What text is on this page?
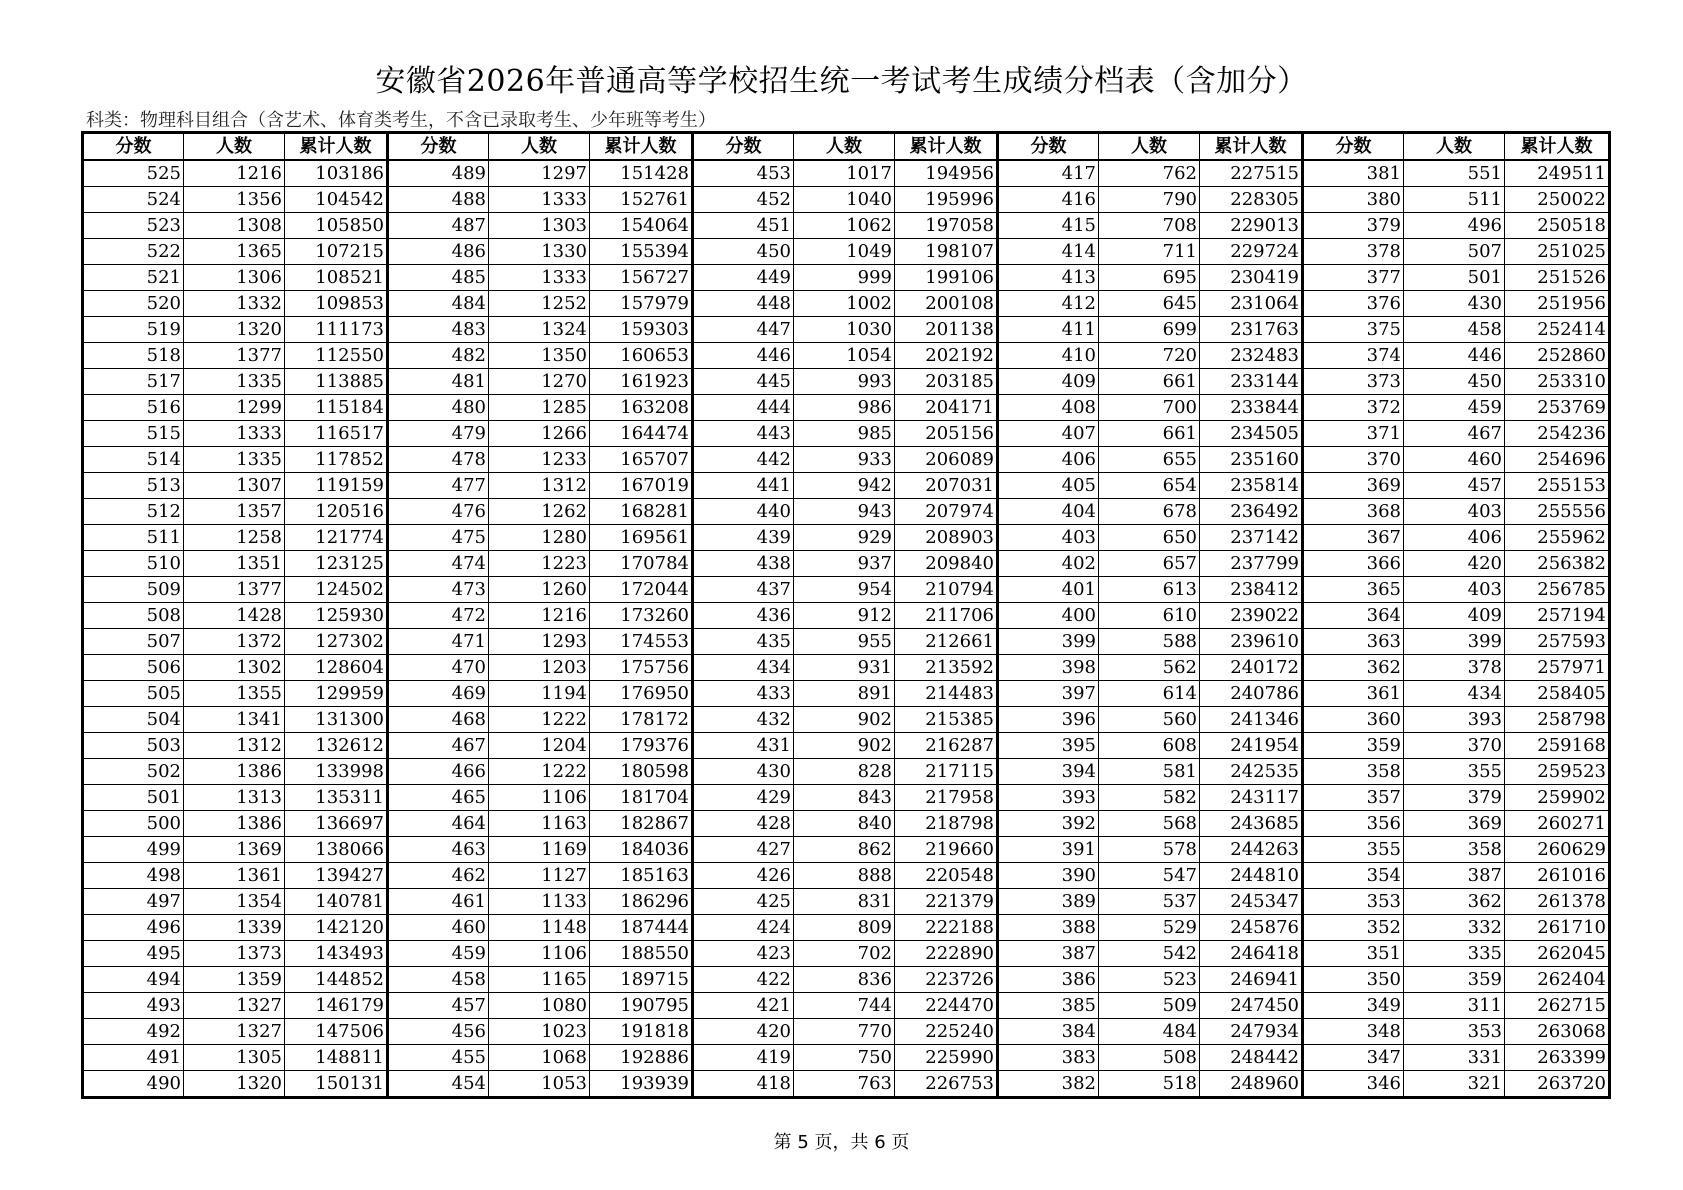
安徽省2026年普通高等学校招生统一考试考生成绩分档表（含加分）
科类：物理科目组合（含艺术、体育类考生，不含已录取考生、少年班等考生）
分数	人数	累计人数	分数	人数	累计人数	分数	人数	累计人数	分数	人数	累计人数	分数	人数	累计人数
525	1216	103186	489	1297	151428	453	1017	194956	417	762	227515	381	551	249511
524	1356	104542	488	1333	152761	452	1040	195996	416	790	228305	380	511	250022
523	1308	105850	487	1303	154064	451	1062	197058	415	708	229013	379	496	250518
522	1365	107215	486	1330	155394	450	1049	198107	414	711	229724	378	507	251025
521	1306	108521	485	1333	156727	449	999	199106	413	695	230419	377	501	251526
520	1332	109853	484	1252	157979	448	1002	200108	412	645	231064	376	430	251956
519	1320	111173	483	1324	159303	447	1030	201138	411	699	231763	375	458	252414
518	1377	112550	482	1350	160653	446	1054	202192	410	720	232483	374	446	252860
517	1335	113885	481	1270	161923	445	993	203185	409	661	233144	373	450	253310
516	1299	115184	480	1285	163208	444	986	204171	408	700	233844	372	459	253769
515	1333	116517	479	1266	164474	443	985	205156	407	661	234505	371	467	254236
514	1335	117852	478	1233	165707	442	933	206089	406	655	235160	370	460	254696
513	1307	119159	477	1312	167019	441	942	207031	405	654	235814	369	457	255153
512	1357	120516	476	1262	168281	440	943	207974	404	678	236492	368	403	255556
511	1258	121774	475	1280	169561	439	929	208903	403	650	237142	367	406	255962
510	1351	123125	474	1223	170784	438	937	209840	402	657	237799	366	420	256382
509	1377	124502	473	1260	172044	437	954	210794	401	613	238412	365	403	256785
508	1428	125930	472	1216	173260	436	912	211706	400	610	239022	364	409	257194
507	1372	127302	471	1293	174553	435	955	212661	399	588	239610	363	399	257593
506	1302	128604	470	1203	175756	434	931	213592	398	562	240172	362	378	257971
505	1355	129959	469	1194	176950	433	891	214483	397	614	240786	361	434	258405
504	1341	131300	468	1222	178172	432	902	215385	396	560	241346	360	393	258798
503	1312	132612	467	1204	179376	431	902	216287	395	608	241954	359	370	259168
502	1386	133998	466	1222	180598	430	828	217115	394	581	242535	358	355	259523
501	1313	135311	465	1106	181704	429	843	217958	393	582	243117	357	379	259902
500	1386	136697	464	1163	182867	428	840	218798	392	568	243685	356	369	260271
499	1369	138066	463	1169	184036	427	862	219660	391	578	244263	355	358	260629
498	1361	139427	462	1127	185163	426	888	220548	390	547	244810	354	387	261016
497	1354	140781	461	1133	186296	425	831	221379	389	537	245347	353	362	261378
496	1339	142120	460	1148	187444	424	809	222188	388	529	245876	352	332	261710
495	1373	143493	459	1106	188550	423	702	222890	387	542	246418	351	335	262045
494	1359	144852	458	1165	189715	422	836	223726	386	523	246941	350	359	262404
493	1327	146179	457	1080	190795	421	744	224470	385	509	247450	349	311	262715
492	1327	147506	456	1023	191818	420	770	225240	384	484	247934	348	353	263068
491	1305	148811	455	1068	192886	419	750	225990	383	508	248442	347	331	263399
490	1320	150131	454	1053	193939	418	763	226753	382	518	248960	346	321	263720
第 5 页，共 6 页
